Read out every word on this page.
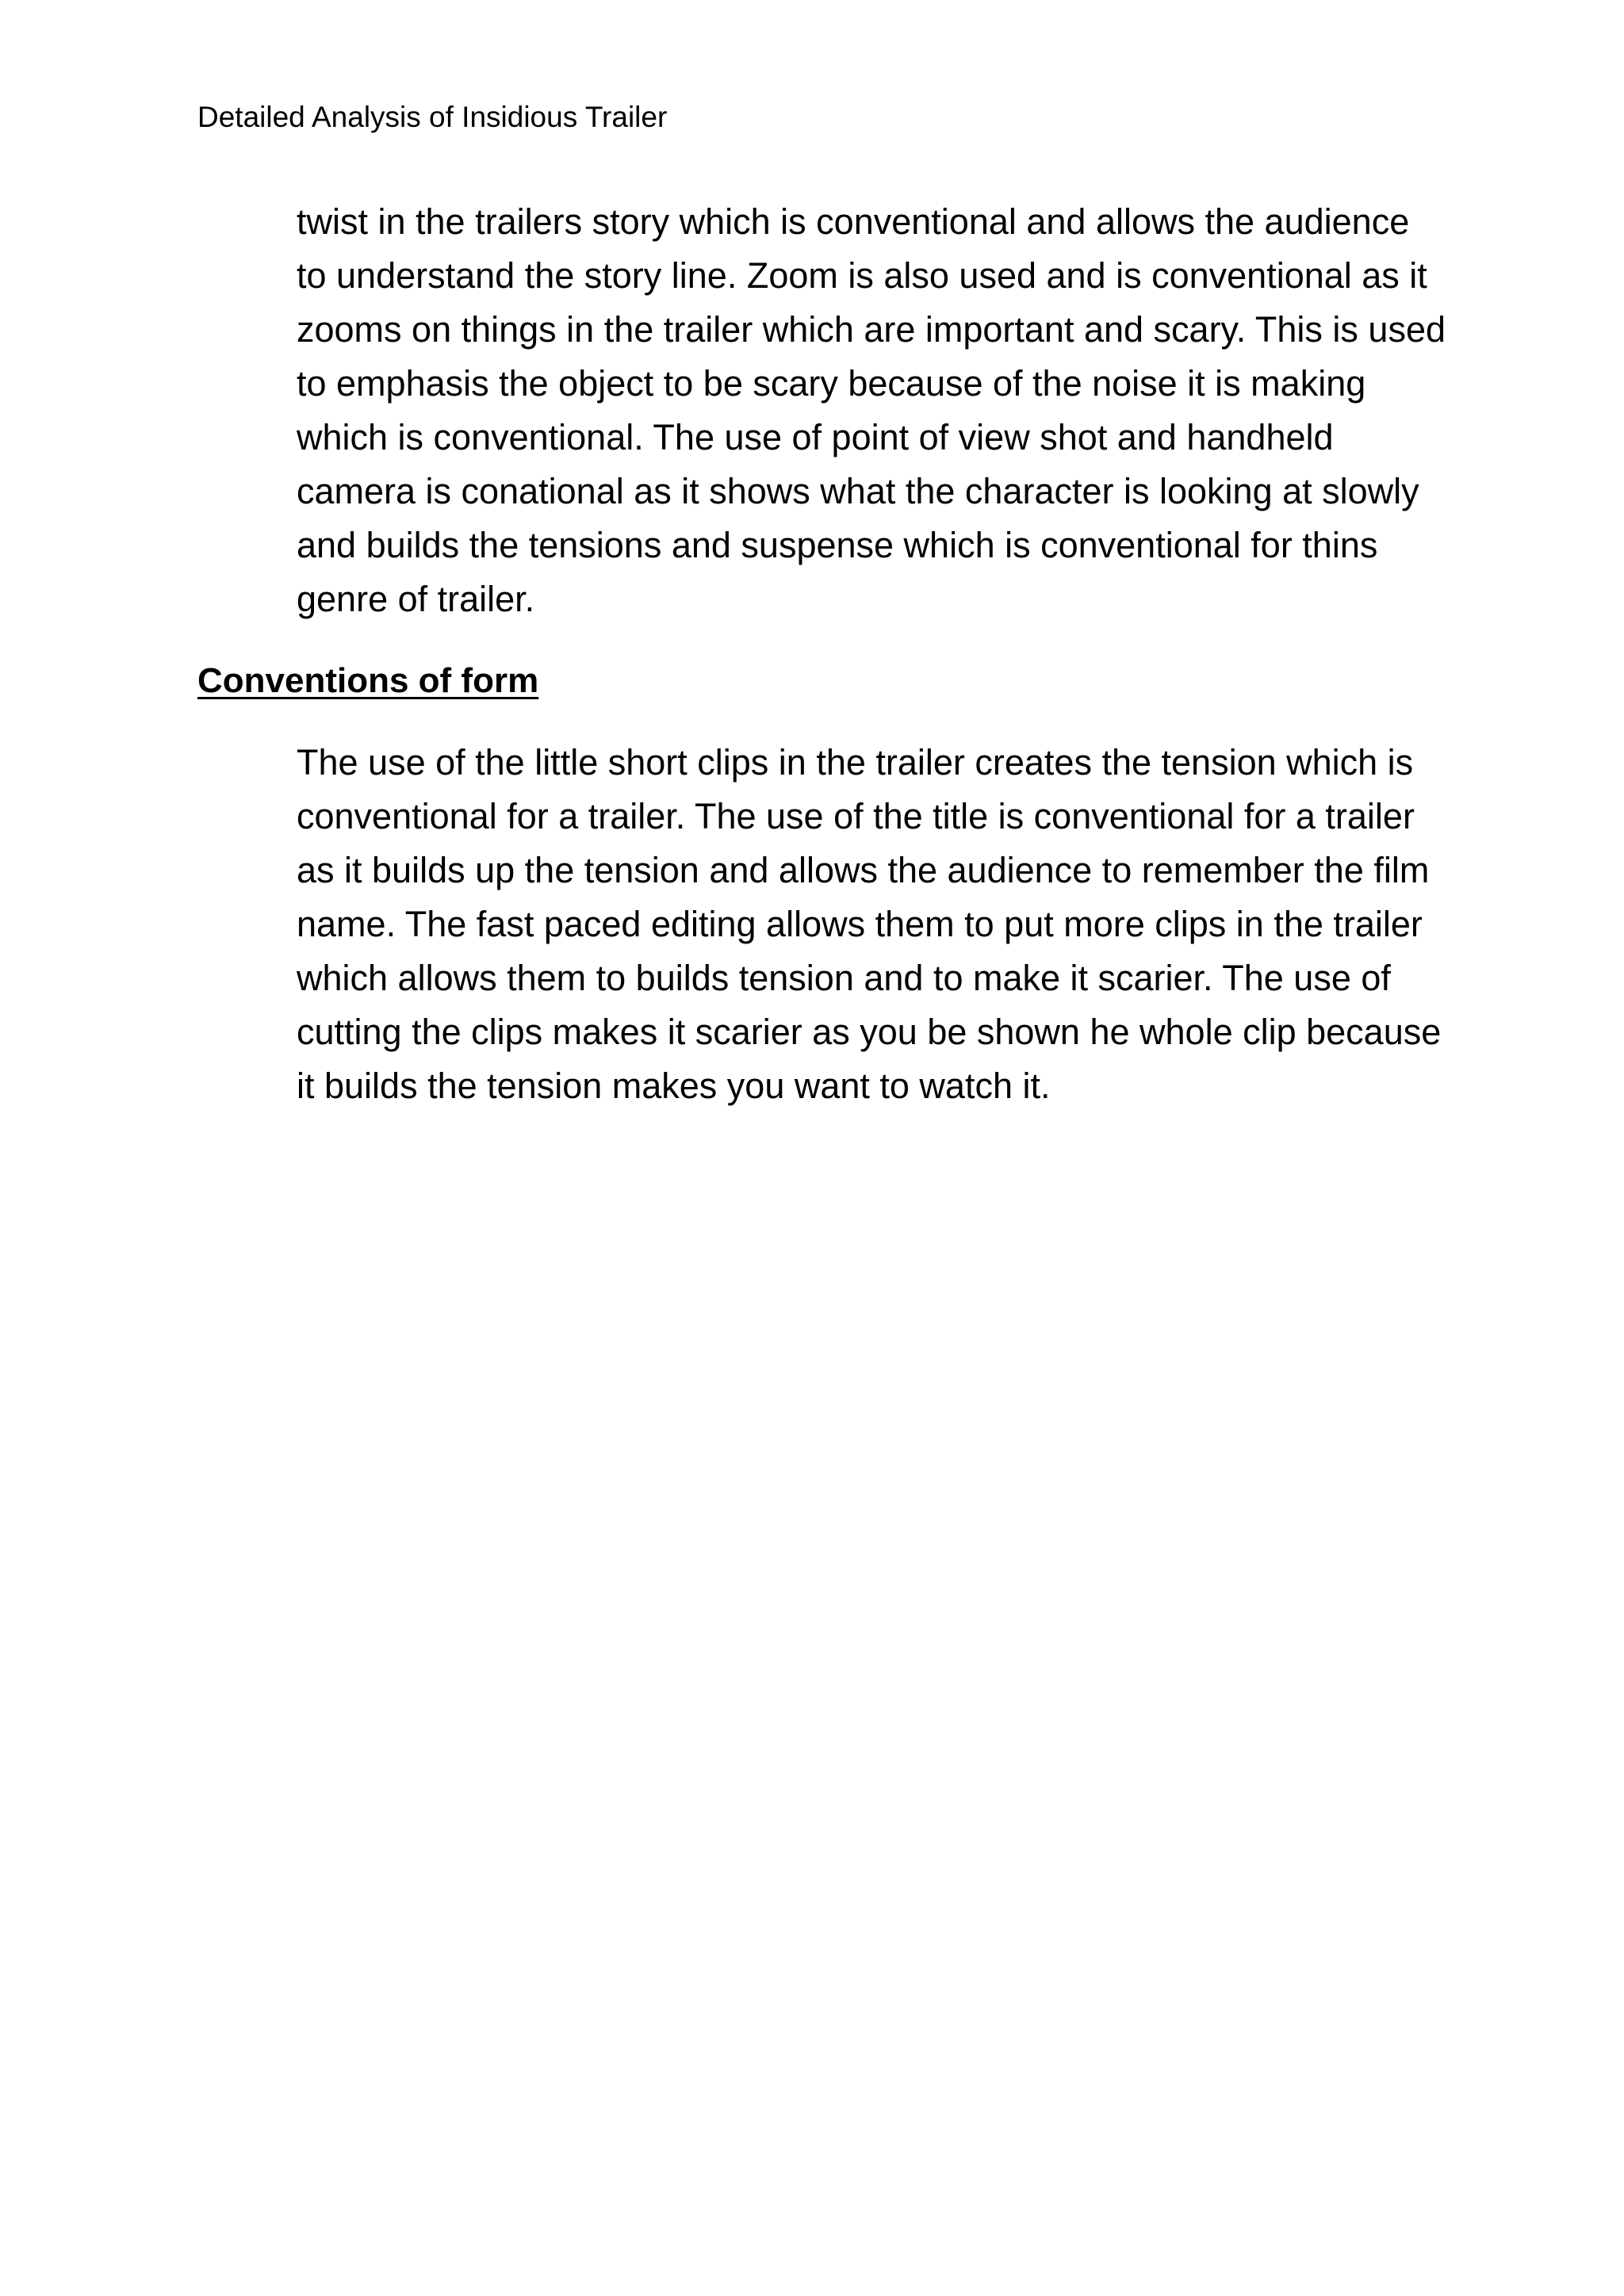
Detailed Analysis of Insidious Trailer
twist in the trailers story which is conventional and allows the audience
to understand the story line. Zoom is also used and is conventional as it
zooms on things in the trailer which are important and scary. This is used
to emphasis the object to be scary because of the noise it is making
which is conventional. The use of point of view shot and handheld
camera is conational as it shows what the character is looking at slowly
and builds the tensions and suspense which is conventional for thins
genre of trailer.
Conventions of form
The use of the little short clips in the trailer creates the tension which is
conventional for a trailer. The use of the title is conventional for a trailer
as it builds up the tension and allows the audience to remember the film
name. The fast paced editing allows them to put more clips in the trailer
which allows them to builds tension and to make it scarier. The use of
cutting the clips makes it scarier as you be shown he whole clip because
it builds the tension makes you want to watch it.
